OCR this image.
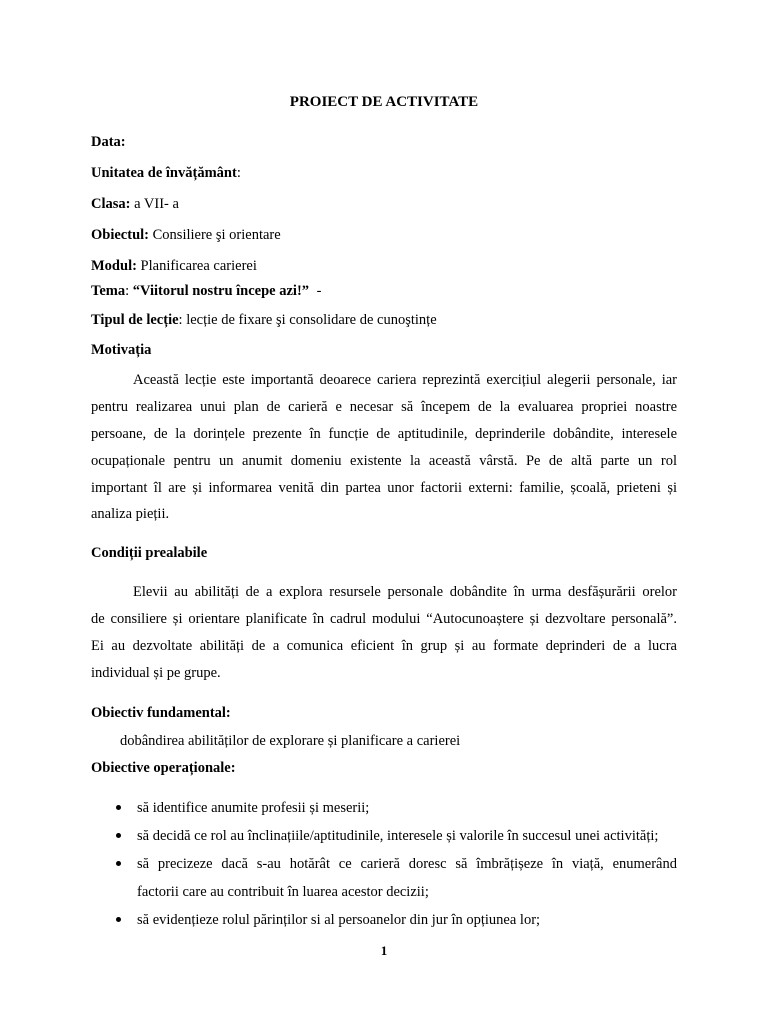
PROIECT DE ACTIVITATE
Data:
Unitatea de învățământ:
Clasa: a VII- a
Obiectul: Consiliere şi orientare
Modul: Planificarea carierei
Tema: “Viitorul nostru începe azi!” -
Tipul de lecție: lecție de fixare şi consolidare de cunoştințe
Motivația
Această lecție este importantă deoarece cariera reprezintă exercițiul alegerii personale, iar
pentru realizarea unui plan de carieră e necesar să începem de la evaluarea propriei noastre
persoane, de la dorințele prezente în funcție de aptitudinile, deprinderile dobândite, interesele
ocupaționale pentru un anumit domeniu existente la această vârstă. Pe de altă parte un rol
important îl are și informarea venită din partea unor factorii externi: familie, școală, prieteni și
analiza pieții.
Condiții prealabile
Elevii au abilități de a explora resursele personale dobândite în urma desfășurării orelor
de consiliere și orientare planificate în cadrul modului “Autocunoaștere și dezvoltare personală”.
Ei au dezvoltate abilități de a comunica eficient în grup și au formate deprinderi de a lucra
individual și pe grupe.
Obiectiv fundamental:
dobândirea abilităților de explorare și planificare a carierei
Obiective operaționale:
să identifice anumite profesii și meserii;
să decidă ce rol au înclinațiile/aptitudinile, interesele și valorile în succesul unei activități;
să precizeze dacă s-au hotărât ce carieră doresc să îmbrățișeze în viață, enumerând
factorii care au contribuit în luarea acestor decizii;
să evidențieze rolul părinților si al persoanelor din jur în opțiunea lor;
1
